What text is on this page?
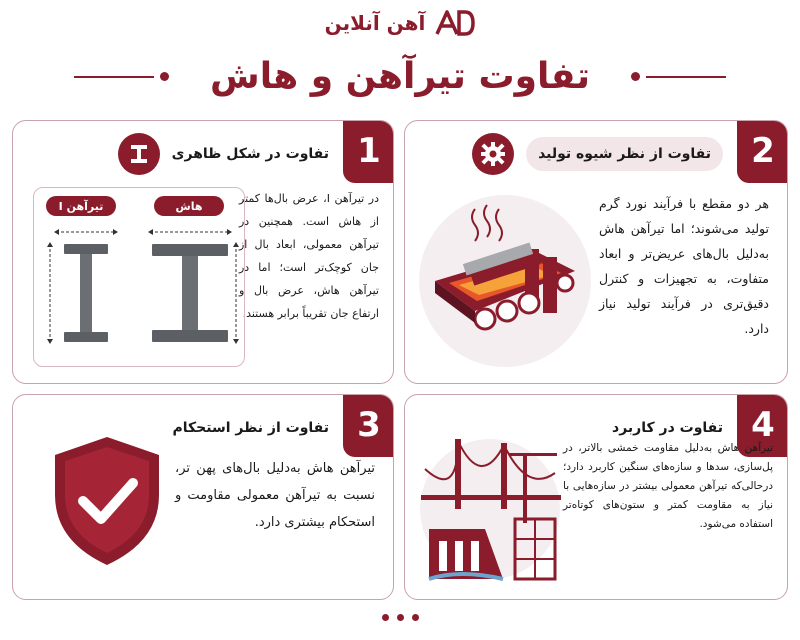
آهن آنلاین
تفاوت تیرآهن و هاش
1
تفاوت در شکل ظاهری
در تیرآهن I، عرض بال‌ها کمتر از هاش است. همچنین در تیرآهن معمولی، ابعاد بال از جان کوچک‌تر است؛ اما در تیرآهن هاش، عرض بال و ارتفاع جان تقریباً برابر هستند.
تیرآهن I	هاش
2
تفاوت از نظر شیوه تولید
هر دو مقطع با فرآیند نورد گرم تولید می‌شوند؛ اما تیرآهن هاش به‌دلیل بال‌های عریض‌تر و ابعاد متفاوت، به تجهیزات و کنترل دقیق‌تری در فرآیند تولید نیاز دارد.
3
تفاوت از نظر استحکام
تیرآهن هاش به‌دلیل بال‌های پهن تر، نسبت به تیرآهن معمولی مقاومت و استحکام بیشتری دارد.
4
تفاوت در کاربرد
تیرآهن هاش به‌دلیل مقاومت خمشی بالاتر، در پل‌سازی، سدها و سازه‌های سنگین کاربرد دارد؛ درحالی‌که تیرآهن معمولی بیشتر در سازه‌هایی با نیاز به مقاومت کمتر و ستون‌های کوتاه‌تر استفاده می‌شود.
